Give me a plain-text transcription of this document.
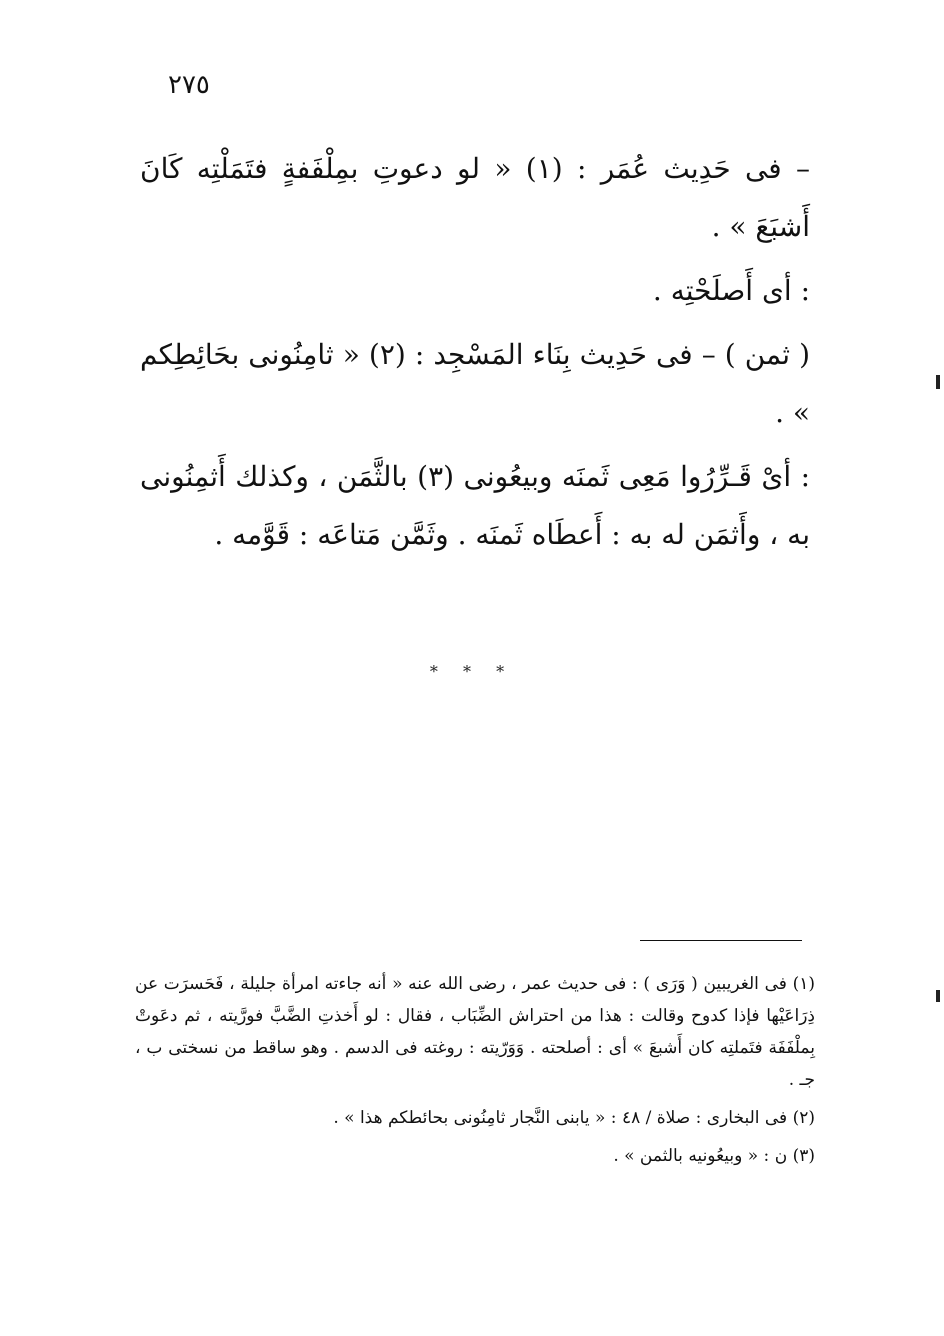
٢٧٥

– فى حَدِيث عُمَر : (١) « لو دعوتِ بمِلْفَفةٍ فتَمَلْتِه كَانَ أَشبَعَ » .

: أى أَصلَحْتِه .

( ثمن ) – فى حَدِيث بِنَاء المَسْجِد : (٢) « ثامِنُونى بحَائِطِكم » .

: أىْ قَـرِّرُوا مَعِى ثَمنَه وبيعُونى (٣) بالثَّمَن ، وكذلك أَثمِنُونى به ، وأَثمَن له به : أَعطَاه ثَمنَه . وثَمَّن مَتاعَه : قَوَّمه .

* * *

(١) فى الغريبين ( وَرَى ) : فى حديث عمر ، رضى الله عنه « أنه جاءته امرأة جليلة ، فَحَسرَت عن ذِرَاعَيْها فإذا كدوح وقالت : هذا من احتراش الضِّبَاب ، فقال : لو أَخذتِ الضَّبَّ فورَّيته ، ثم دعَوتْ بِملْفَفَة فتَملتِه كان أَشبعَ » أى : أصلحته . وَوَرّيته : روغته فى الدسم . وهو ساقط من نسختى ب ، جـ .

(٢) فى البخارى : صلاة / ٤٨ : « يابنى النَّجار ثامِنُونى بحائطكم هذا » .

(٣) ن : « وبيعُونيه بالثمن » .
